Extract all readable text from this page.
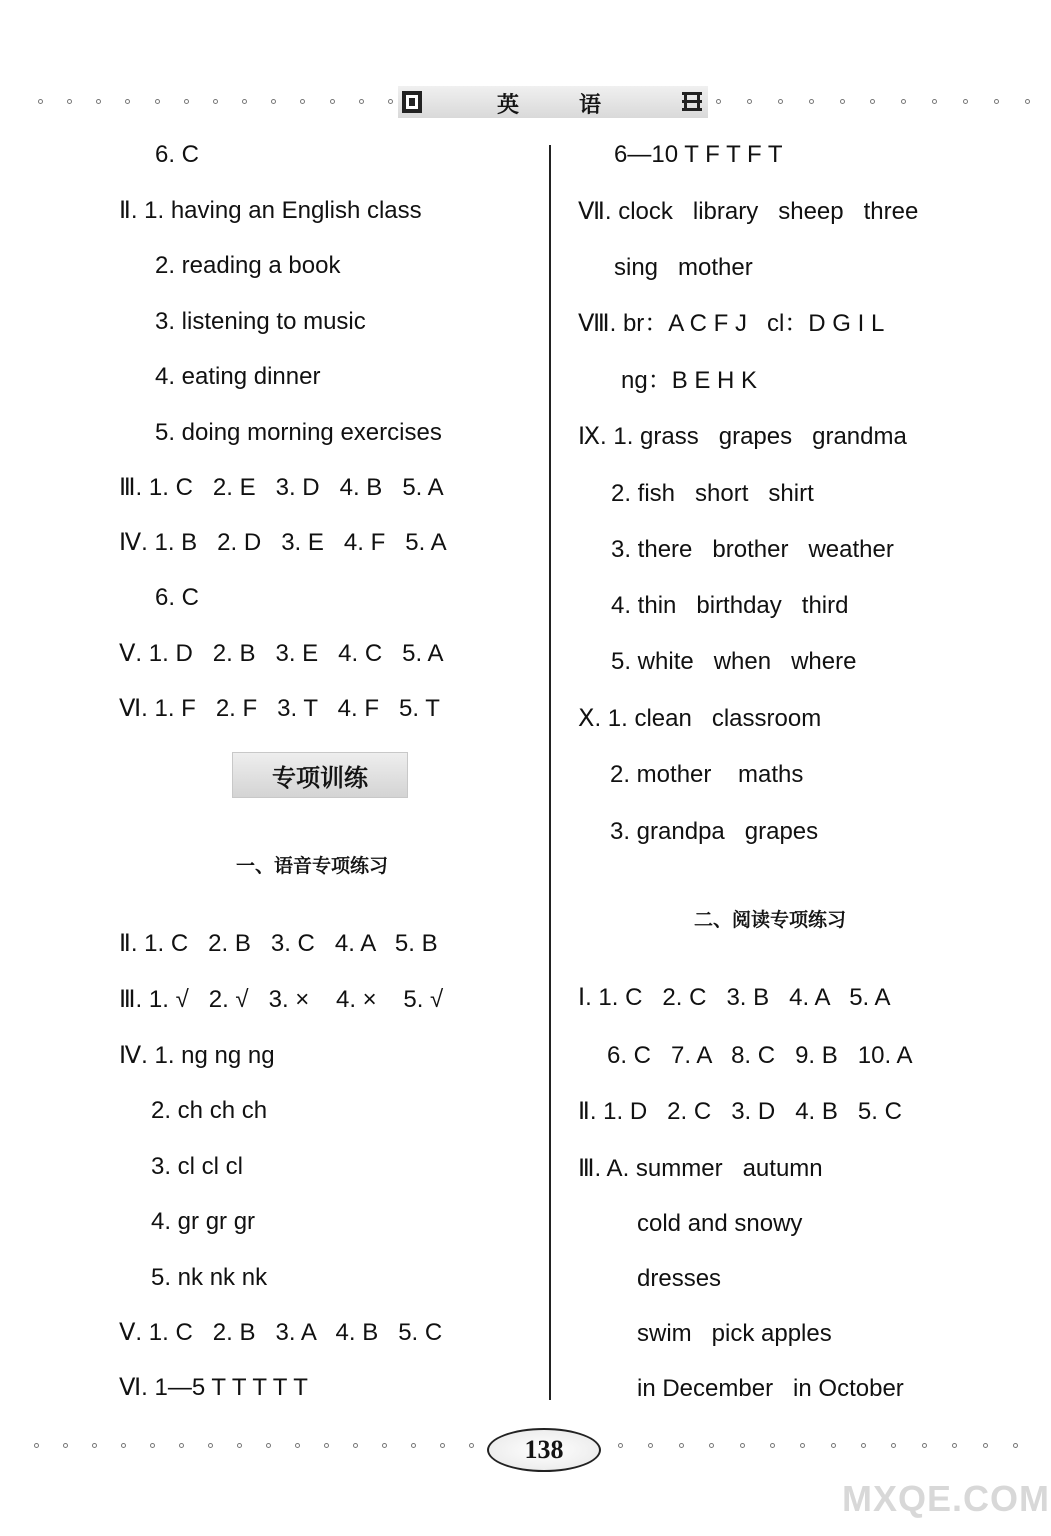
英语
6. C
Ⅱ. 1. having an English class
2. reading a book
3. listening to music
4. eating dinner
5. doing morning exercises
Ⅲ. 1. C   2. E   3. D   4. B   5. A
Ⅳ. 1. B   2. D   3. E   4. F   5. A
6. C
Ⅴ. 1. D   2. B   3. E   4. C   5. A
Ⅵ. 1. F   2. F   3. T   4. F   5. T
专项训练
一、语音专项练习
Ⅱ. 1. C   2. B   3. C   4. A   5. B
Ⅲ. 1. √   2. √   3. ×    4. ×    5. √
Ⅳ. 1. ng ng ng
2. ch ch ch
3. cl cl cl
4. gr gr gr
5. nk nk nk
Ⅴ. 1. C   2. B   3. A   4. B   5. C
Ⅵ. 1—5 T T T T T
6—10 T F T F T
Ⅶ. clock   library   sheep   three
sing   mother
Ⅷ. br：A C F J   cl：D G I L
ng：B E H K
Ⅸ. 1. grass   grapes   grandma
2. fish   short   shirt
3. there   brother   weather
4. thin   birthday   third
5. white   when   where
Ⅹ. 1. clean   classroom
2. mother    maths
3. grandpa   grapes
二、阅读专项练习
Ⅰ. 1. C   2. C   3. B   4. A   5. A
6. C   7. A   8. C   9. B   10. A
Ⅱ. 1. D   2. C   3. D   4. B   5. C
Ⅲ. A. summer   autumn
cold and snowy
dresses
swim   pick apples
in December   in October
138
MXQE.COM
